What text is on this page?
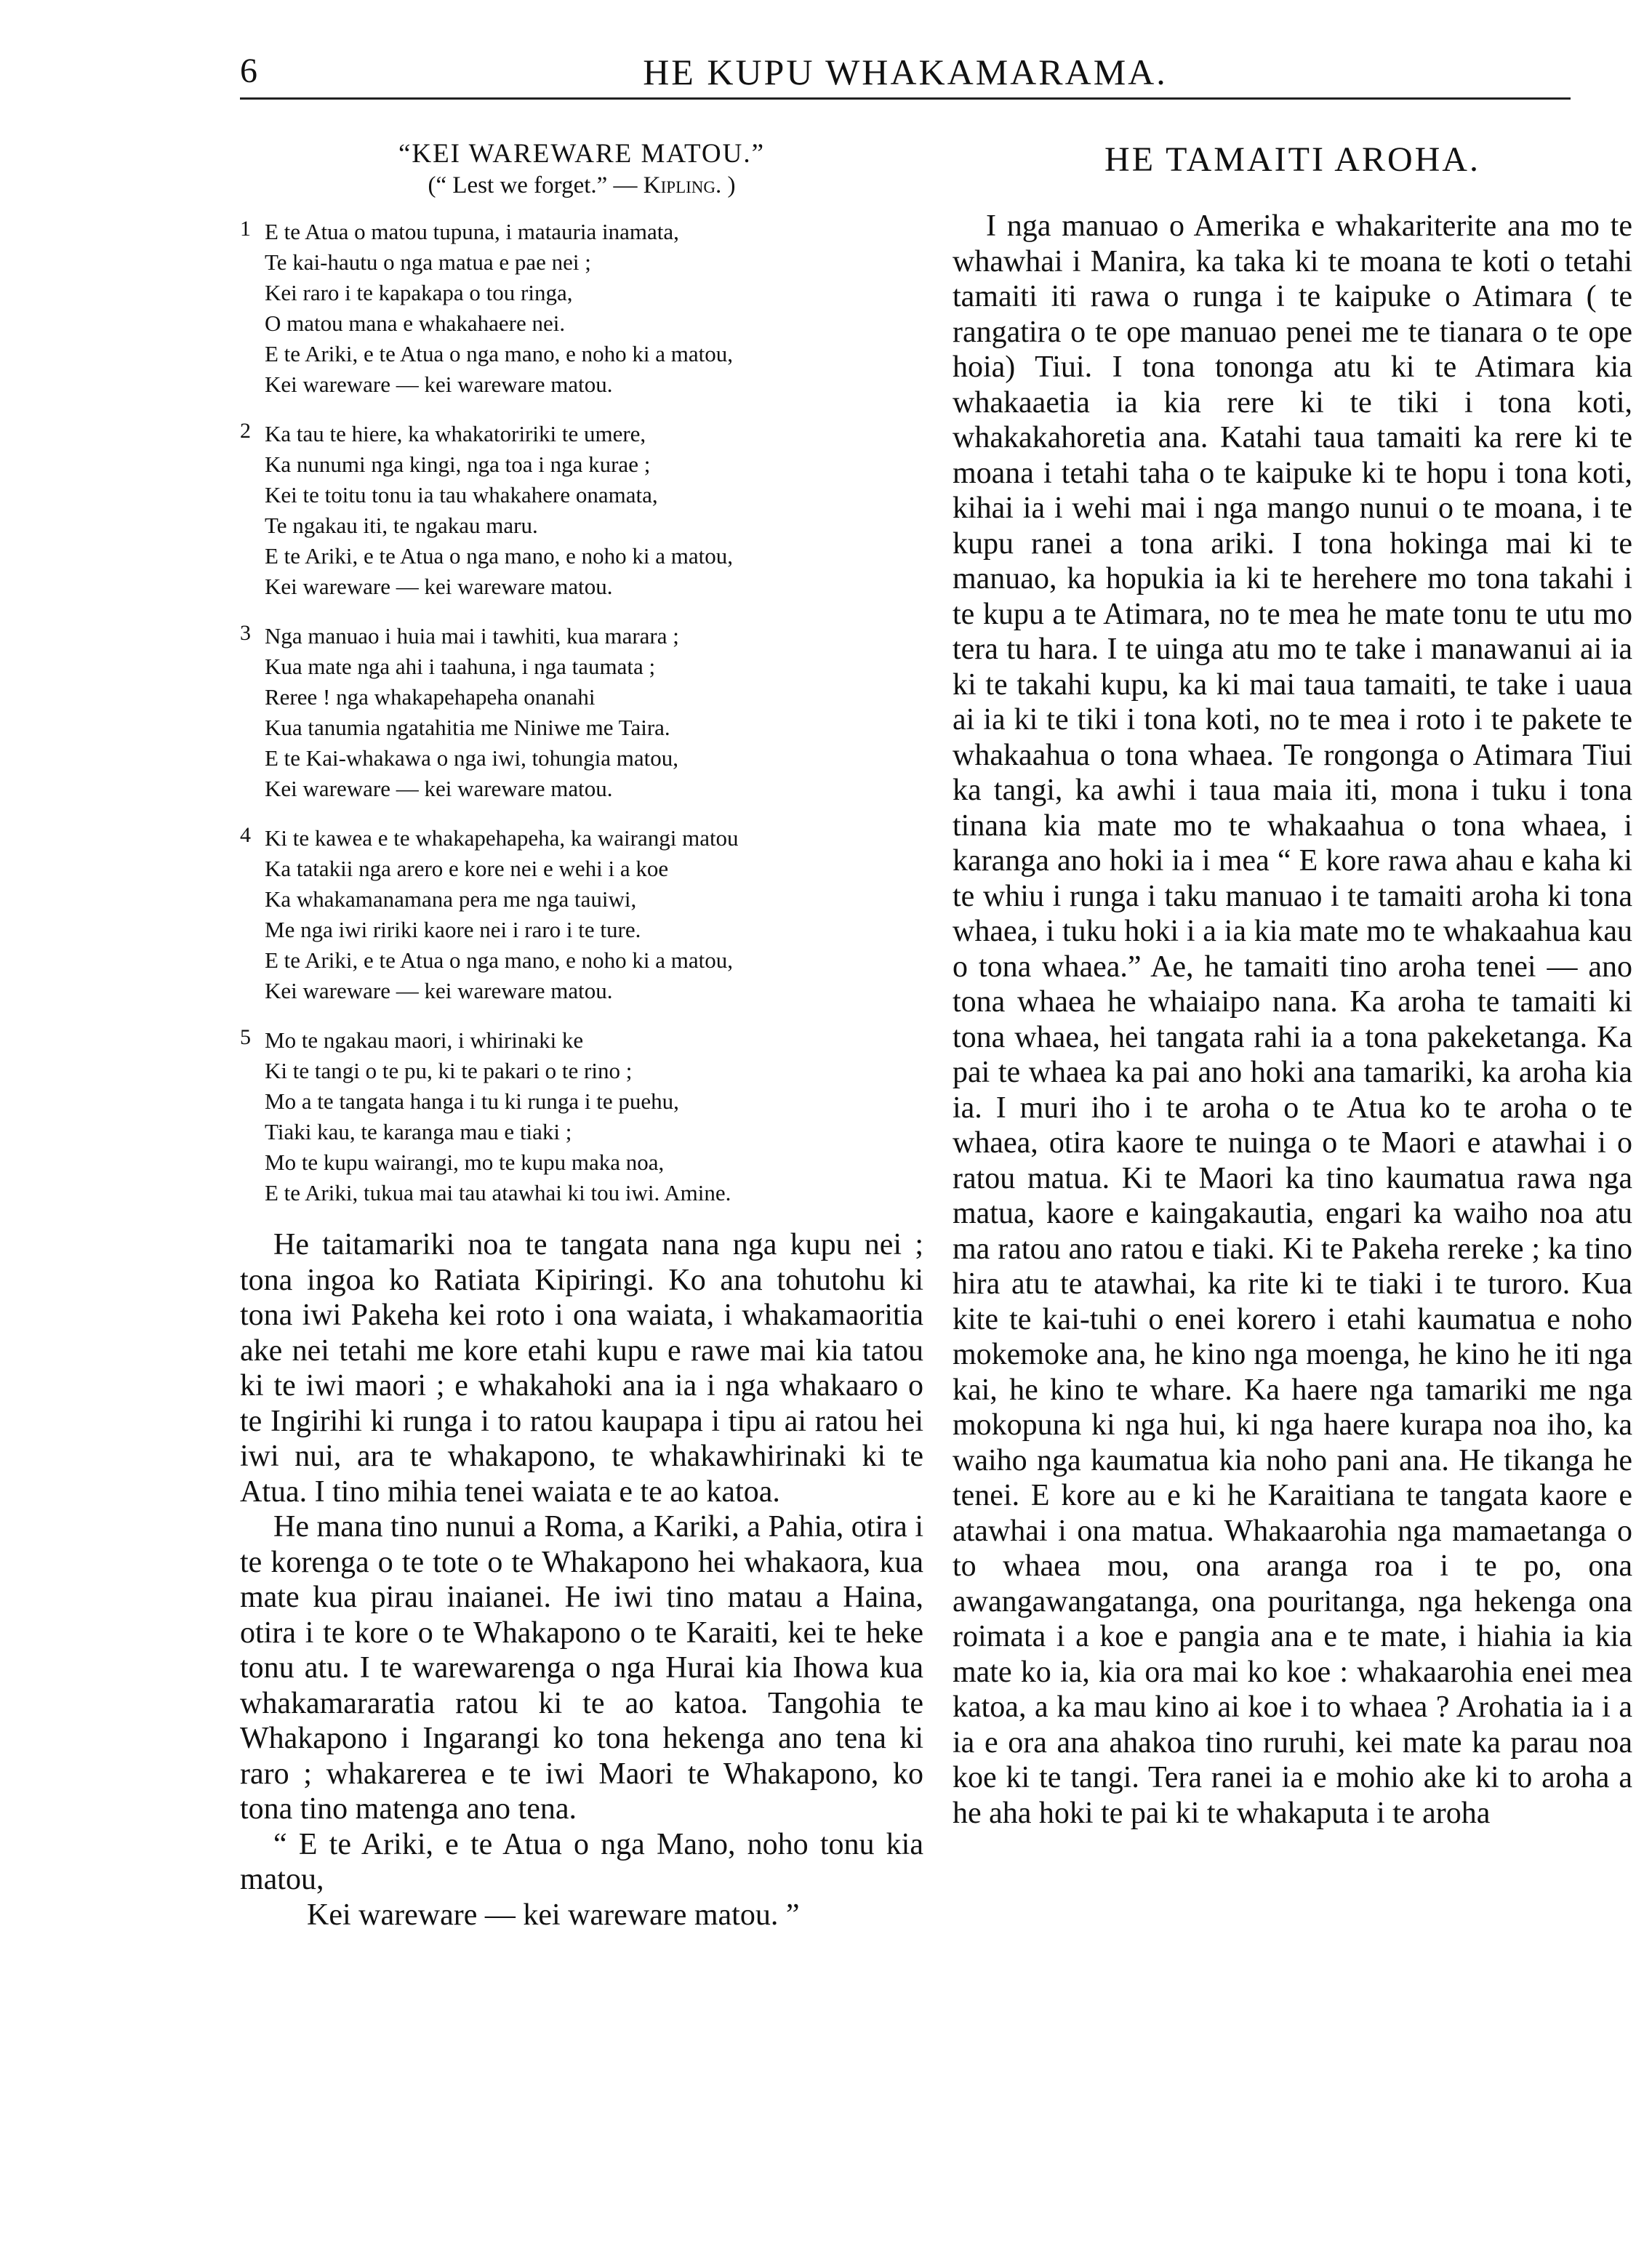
6	HE KUPU WHAKAMARAMA.
“KEI WAREWARE MATOU.”
(“ Lest we forget.” — Kipling. )
1 E te Atua o matou tupuna, i matauria inamata,
Te kai-hautu o nga matua e pae nei ;
Kei raro i te kapakapa o tou ringa,
O matou mana e whakahaere nei.
E te Ariki, e te Atua o nga mano, e noho ki a matou,
Kei wareware — kei wareware matou.
2 Ka tau te hiere, ka whakatoririki te umere,
Ka nunumi nga kingi, nga toa i nga kurae ;
Kei te toitu tonu ia tau whakahere onamata,
Te ngakau iti, te ngakau maru.
E te Ariki, e te Atua o nga mano, e noho ki a matou,
Kei wareware — kei wareware matou.
3 Nga manuao i huia mai i tawhiti, kua marara ;
Kua mate nga ahi i taahuna, i nga taumata ;
Reree ! nga whakapehapeha onanahi
Kua tanumia ngatahitia me Niniwe me Taira.
E te Kai-whakawa o nga iwi, tohungia matou,
Kei wareware — kei wareware matou.
4 Ki te kawea e te whakapehapeha, ka wairangi matou
Ka tatakii nga arero e kore nei e wehi i a koe
Ka whakamanamana pera me nga tauiwi,
Me nga iwi ririki kaore nei i raro i te ture.
E te Ariki, e te Atua o nga mano, e noho ki a matou,
Kei wareware — kei wareware matou.
5 Mo te ngakau maori, i whirinaki ke
Ki te tangi o te pu, ki te pakari o te rino ;
Mo a te tangata hanga i tu ki runga i te puehu,
Tiaki kau, te karanga mau e tiaki ;
Mo te kupu wairangi, mo te kupu maka noa,
E te Ariki, tukua mai tau atawhai ki tou iwi. Amine.

He taitamariki noa te tangata nana nga kupu nei ; tona ingoa ko Ratiata Kipiringi. Ko ana tohutohu ki tona iwi Pakeha kei roto i ona waiata, i whakamaoritia ake nei tetahi me kore etahi kupu e rawe mai kia tatou ki te iwi maori ; e whakahoki ana ia i nga whakaaro o te Ingirihi ki runga i to ratou kaupapa i tipu ai ratou hei iwi nui, ara te whakapono, te whakawhirinaki ki te Atua. I tino mihia tenei waiata e te ao katoa.

He mana tino nunui a Roma, a Kariki, a Pahia, otira i te korenga o te tote o te Whakapono hei whakaora, kua mate kua pirau inaianei. He iwi tino matau a Haina, otira i te kore o te Whakapono o te Karaiti, kei te heke tonu atu. I te warewarenga o nga Hurai kia Ihowa kua whakamararatia ratou ki te ao katoa. Tangohia te Whakapono i Ingarangi ko tona hekenga ano tena ki raro ; whakarerea e te iwi Maori te Whakapono, ko tona tino matenga ano tena.

“ E te Ariki, e te Atua o nga Mano, noho tonu kia matou,
Kei wareware — kei wareware matou. ”

HE TAMAITI AROHA.

I nga manuao o Amerika e whakariterite ana mo te whawhai i Manira, ka taka ki te moana te koti o tetahi tamaiti iti rawa o runga i te kaipuke o Atimara ( te rangatira o te ope manuao penei me te tianara o te ope hoia) Tiui. I tona tononga atu ki te Atimara kia whakaaetia ia kia rere ki te tiki i tona koti, whakakahoretia ana. Katahi taua tamaiti ka rere ki te moana i tetahi taha o te kaipuke ki te hopu i tona koti, kihai ia i wehi mai i nga mango nunui o te moana, i te kupu ranei a tona ariki. I tona hokinga mai ki te manuao, ka hopukia ia ki te herehere mo tona takahi i te kupu a te Atimara, no te mea he mate tonu te utu mo tera tu hara. I te uinga atu mo te take i manawanui ai ia ki te takahi kupu, ka ki mai taua tamaiti, te take i uaua ai ia ki te tiki i tona koti, no te mea i roto i te pakete te whakaahua o tona whaea. Te rongonga o Atimara Tiui ka tangi, ka awhi i taua maia iti, mona i tuku i tona tinana kia mate mo te whakaahua o tona whaea, i karanga ano hoki ia i mea “ E kore rawa ahau e kaha ki te whiu i runga i taku manuao i te tamaiti aroha ki tona whaea, i tuku hoki i a ia kia mate mo te whakaahua kau o tona whaea.” Ae, he tamaiti tino aroha tenei — ano tona whaea he whaiaipo nana. Ka aroha te tamaiti ki tona whaea, hei tangata rahi ia a tona pakeketanga. Ka pai te whaea ka pai ano hoki ana tamariki, ka aroha kia ia. I muri iho i te aroha o te Atua ko te aroha o te whaea, otira kaore te nuinga o te Maori e atawhai i o ratou matua. Ki te Maori ka tino kaumatua rawa nga matua, kaore e kaingakautia, engari ka waiho noa atu ma ratou ano ratou e tiaki. Ki te Pakeha rereke ; ka tino hira atu te atawhai, ka rite ki te tiaki i te turoro. Kua kite te kai-tuhi o enei korero i etahi kaumatua e noho mokemoke ana, he kino nga moenga, he kino he iti nga kai, he kino te whare. Ka haere nga tamariki me nga mokopuna ki nga hui, ki nga haere kurapa noa iho, ka waiho nga kaumatua kia noho pani ana. He tikanga he tenei. E kore au e ki he Karaitiana te tangata kaore e atawhai i ona matua. Whakaarohia nga mamaetanga o to whaea mou, ona aranga roa i te po, ona awangawangatanga, ona pouritanga, nga hekenga ona roimata i a koe e pangia ana e te mate, i hiahia ia kia mate ko ia, kia ora mai ko koe : whakaarohia enei mea katoa, a ka mau kino ai koe i to whaea ? Arohatia ia i a ia e ora ana ahakoa tino ruruhi, kei mate ka parau noa koe ki te tangi. Tera ranei ia e mohio ake ki to aroha a he aha hoki te pai ki te whakaputa i te aroha
